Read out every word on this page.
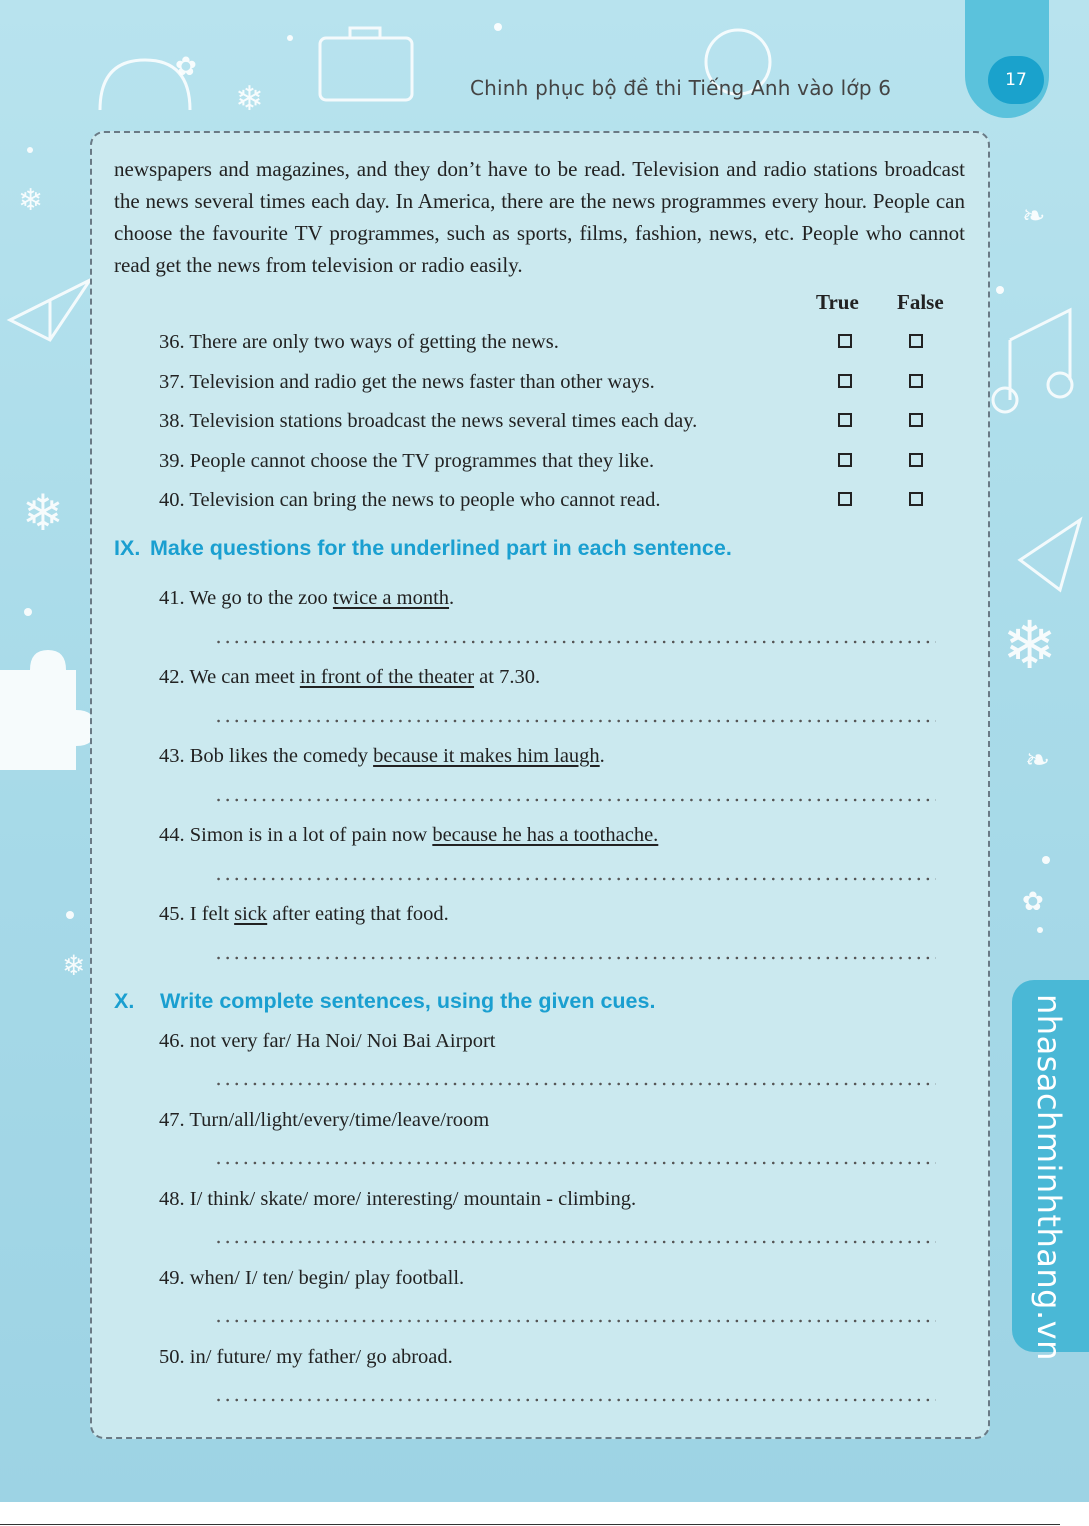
❄
❄
❄
❄
❄
❧
❧
✿
✿
17
Chinh phục bộ đề thi Tiếng Anh vào lớp 6
nhasachminhthang.vn
newspapers and magazines, and they don’t have to be read. Television and radio stations broadcast the news several times each day. In America, there are the news programmes every hour. People can choose the favourite TV programmes, such as sports, films, fashion, news, etc. People who cannot read get the news from television or radio easily.
True False
36. There are only two ways of getting the news.
37. Television and radio get the news faster than other ways.
38. Television stations broadcast the news several times each day.
39. People cannot choose the TV programmes that they like.
40. Television can bring the news to people who cannot read.
IX. Make questions for the underlined part in each sentence.
41. We go to the zoo twice a month.
42. We can meet in front of the theater at 7.30.
43. Bob likes the comedy because it makes him laugh.
44. Simon is in a lot of pain now because he has a toothache.
45. I felt sick after eating that food.
X. Write complete sentences, using the given cues.
46. not very far/ Ha Noi/ Noi Bai Airport
47. Turn/all/light/every/time/leave/room
48. I/ think/ skate/ more/ interesting/ mountain - climbing.
49. when/ I/ ten/ begin/ play football.
50. in/ future/ my father/ go abroad.
